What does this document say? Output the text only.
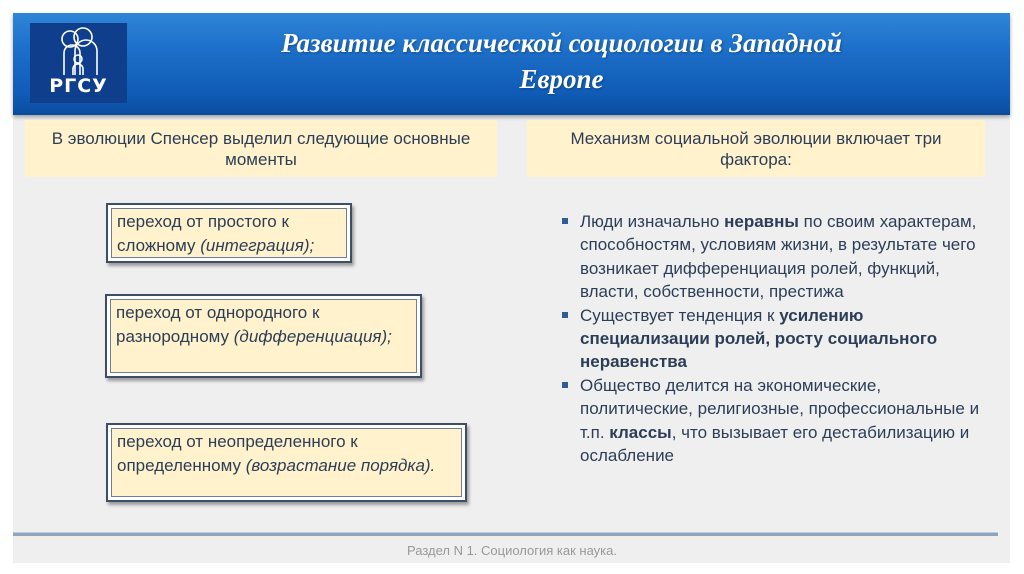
РГСУ
Развитие классической социологии в Западной
Европе
В эволюции Спенсер выделил следующие основные моменты
Механизм социальной эволюции включает три фактора:
переход от простого к сложному (интеграция);
переход от однородного к разнородному (дифференциация);
переход от неопределенного к определенному (возрастание порядка).
Люди изначально неравны по своим характерам, способностям, условиям жизни, в результате чего возникает дифференциация ролей, функций, власти, собственности, престижа
Существует тенденция к усилению специализации ролей, росту социального неравенства
Общество делится на экономические, политические, религиозные, профессиональные и т.п. классы, что вызывает его дестабилизацию и ослабление
Раздел N 1. Социология как наука.
